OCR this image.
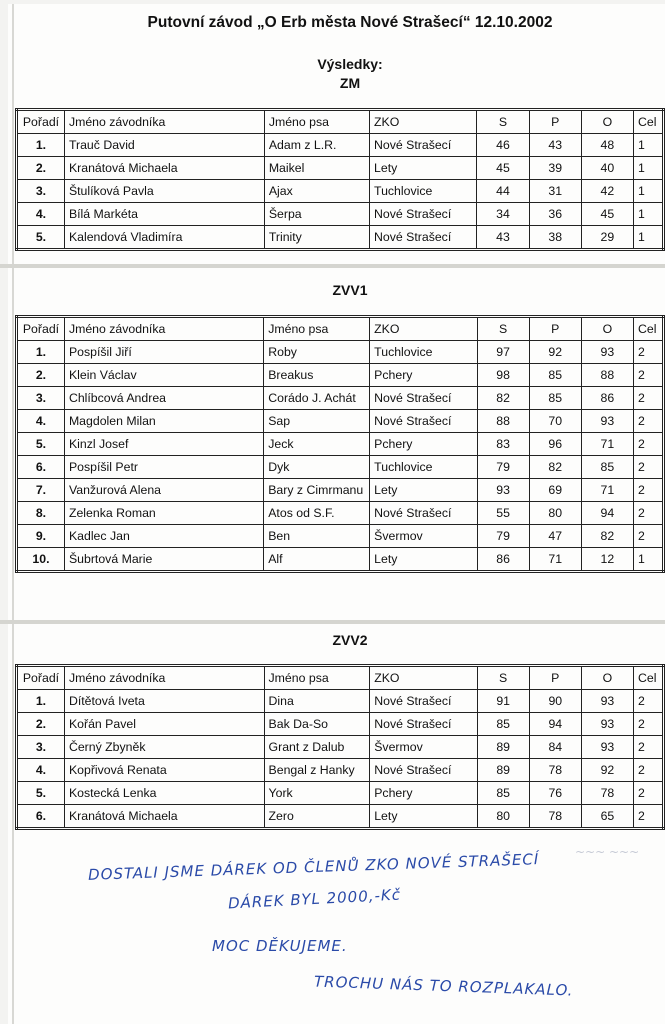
Putovní závod „O Erb města Nové Strašecí“ 12.10.2002
Výsledky:
ZM
ZVV1
ZVV2
Pořadí	Jméno závodníka	Jméno psa	ZKO	S	P	O	Cel
1.	Trauč David	Adam z L.R.	Nové Strašecí	46	43	48	1
2.	Kranátová Michaela	Maikel	Lety	45	39	40	1
3.	Štulíková Pavla	Ajax	Tuchlovice	44	31	42	1
4.	Bílá Markéta	Šerpa	Nové Strašecí	34	36	45	1
5.	Kalendová Vladimíra	Trinity	Nové Strašecí	43	38	29	1
Pořadí	Jméno závodníka	Jméno psa	ZKO	S	P	O	Cel
1.	Pospíšil Jiří	Roby	Tuchlovice	97	92	93	2
2.	Klein Václav	Breakus	Pchery	98	85	88	2
3.	Chlíbcová Andrea	Corádo J. Achát	Nové Strašecí	82	85	86	2
4.	Magdolen Milan	Sap	Nové Strašecí	88	70	93	2
5.	Kinzl Josef	Jeck	Pchery	83	96	71	2
6.	Pospíšil Petr	Dyk	Tuchlovice	79	82	85	2
7.	Vanžurová Alena	Bary z Cimrmanu	Lety	93	69	71	2
8.	Zelenka Roman	Atos od S.F.	Nové Strašecí	55	80	94	2
9.	Kadlec Jan	Ben	Švermov	79	47	82	2
10.	Šubrtová Marie	Alf	Lety	86	71	12	1
Pořadí	Jméno závodníka	Jméno psa	ZKO	S	P	O	Cel
1.	Dítětová Iveta	Dina	Nové Strašecí	91	90	93	2
2.	Kořán Pavel	Bak Da-So	Nové Strašecí	85	94	93	2
3.	Černý Zbyněk	Grant z Dalub	Švermov	89	84	93	2
4.	Kopřivová Renata	Bengal z Hanky	Nové Strašecí	89	78	92	2
5.	Kostecká Lenka	York	Pchery	85	76	78	2
6.	Kranátová Michaela	Zero	Lety	80	78	65	2
~~~ ~~~
DOSTALI JSME DÁREK OD ČLENŮ ZKO NOVÉ STRAŠECÍ
DÁREK BYL 2000,-Kč
MOC DĚKUJEME.
TROCHU NÁS TO ROZPLAKALO.
